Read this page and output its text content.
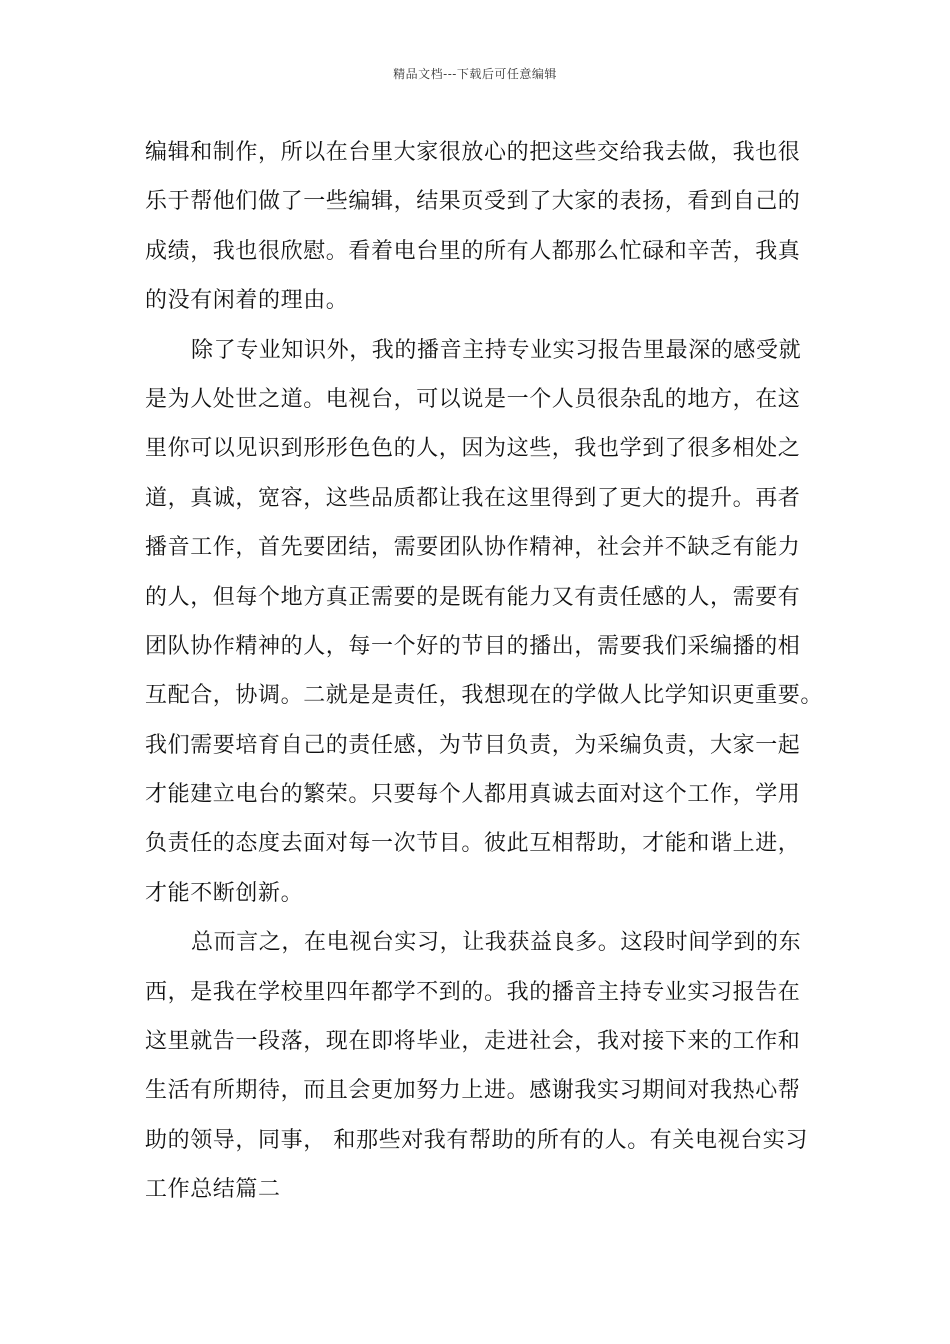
精品文档---下载后可任意编辑
编辑和制作，所以在台里大家很放心的把这些交给我去做，我也很
乐于帮他们做了一些编辑，结果页受到了大家的表扬，看到自己的
成绩，我也很欣慰。看着电台里的所有人都那么忙碌和辛苦，我真
的没有闲着的理由。
除了专业知识外，我的播音主持专业实习报告里最深的感受就
是为人处世之道。电视台，可以说是一个人员很杂乱的地方，在这
里你可以见识到形形色色的人，因为这些，我也学到了很多相处之
道，真诚，宽容，这些品质都让我在这里得到了更大的提升。再者
播音工作，首先要团结，需要团队协作精神，社会并不缺乏有能力
的人，但每个地方真正需要的是既有能力又有责任感的人，需要有
团队协作精神的人，每一个好的节目的播出，需要我们采编播的相
互配合，协调。二就是是责任，我想现在的学做人比学知识更重要。
我们需要培育自己的责任感，为节目负责，为采编负责，大家一起
才能建立电台的繁荣。只要每个人都用真诚去面对这个工作，学用
负责任的态度去面对每一次节目。彼此互相帮助，才能和谐上进，
才能不断创新。
总而言之，在电视台实习，让我获益良多。这段时间学到的东
西，是我在学校里四年都学不到的。我的播音主持专业实习报告在
这里就告一段落，现在即将毕业，走进社会，我对接下来的工作和
生活有所期待，而且会更加努力上进。感谢我实习期间对我热心帮
助的领导，同事， 和那些对我有帮助的所有的人。有关电视台实习
工作总结篇二
